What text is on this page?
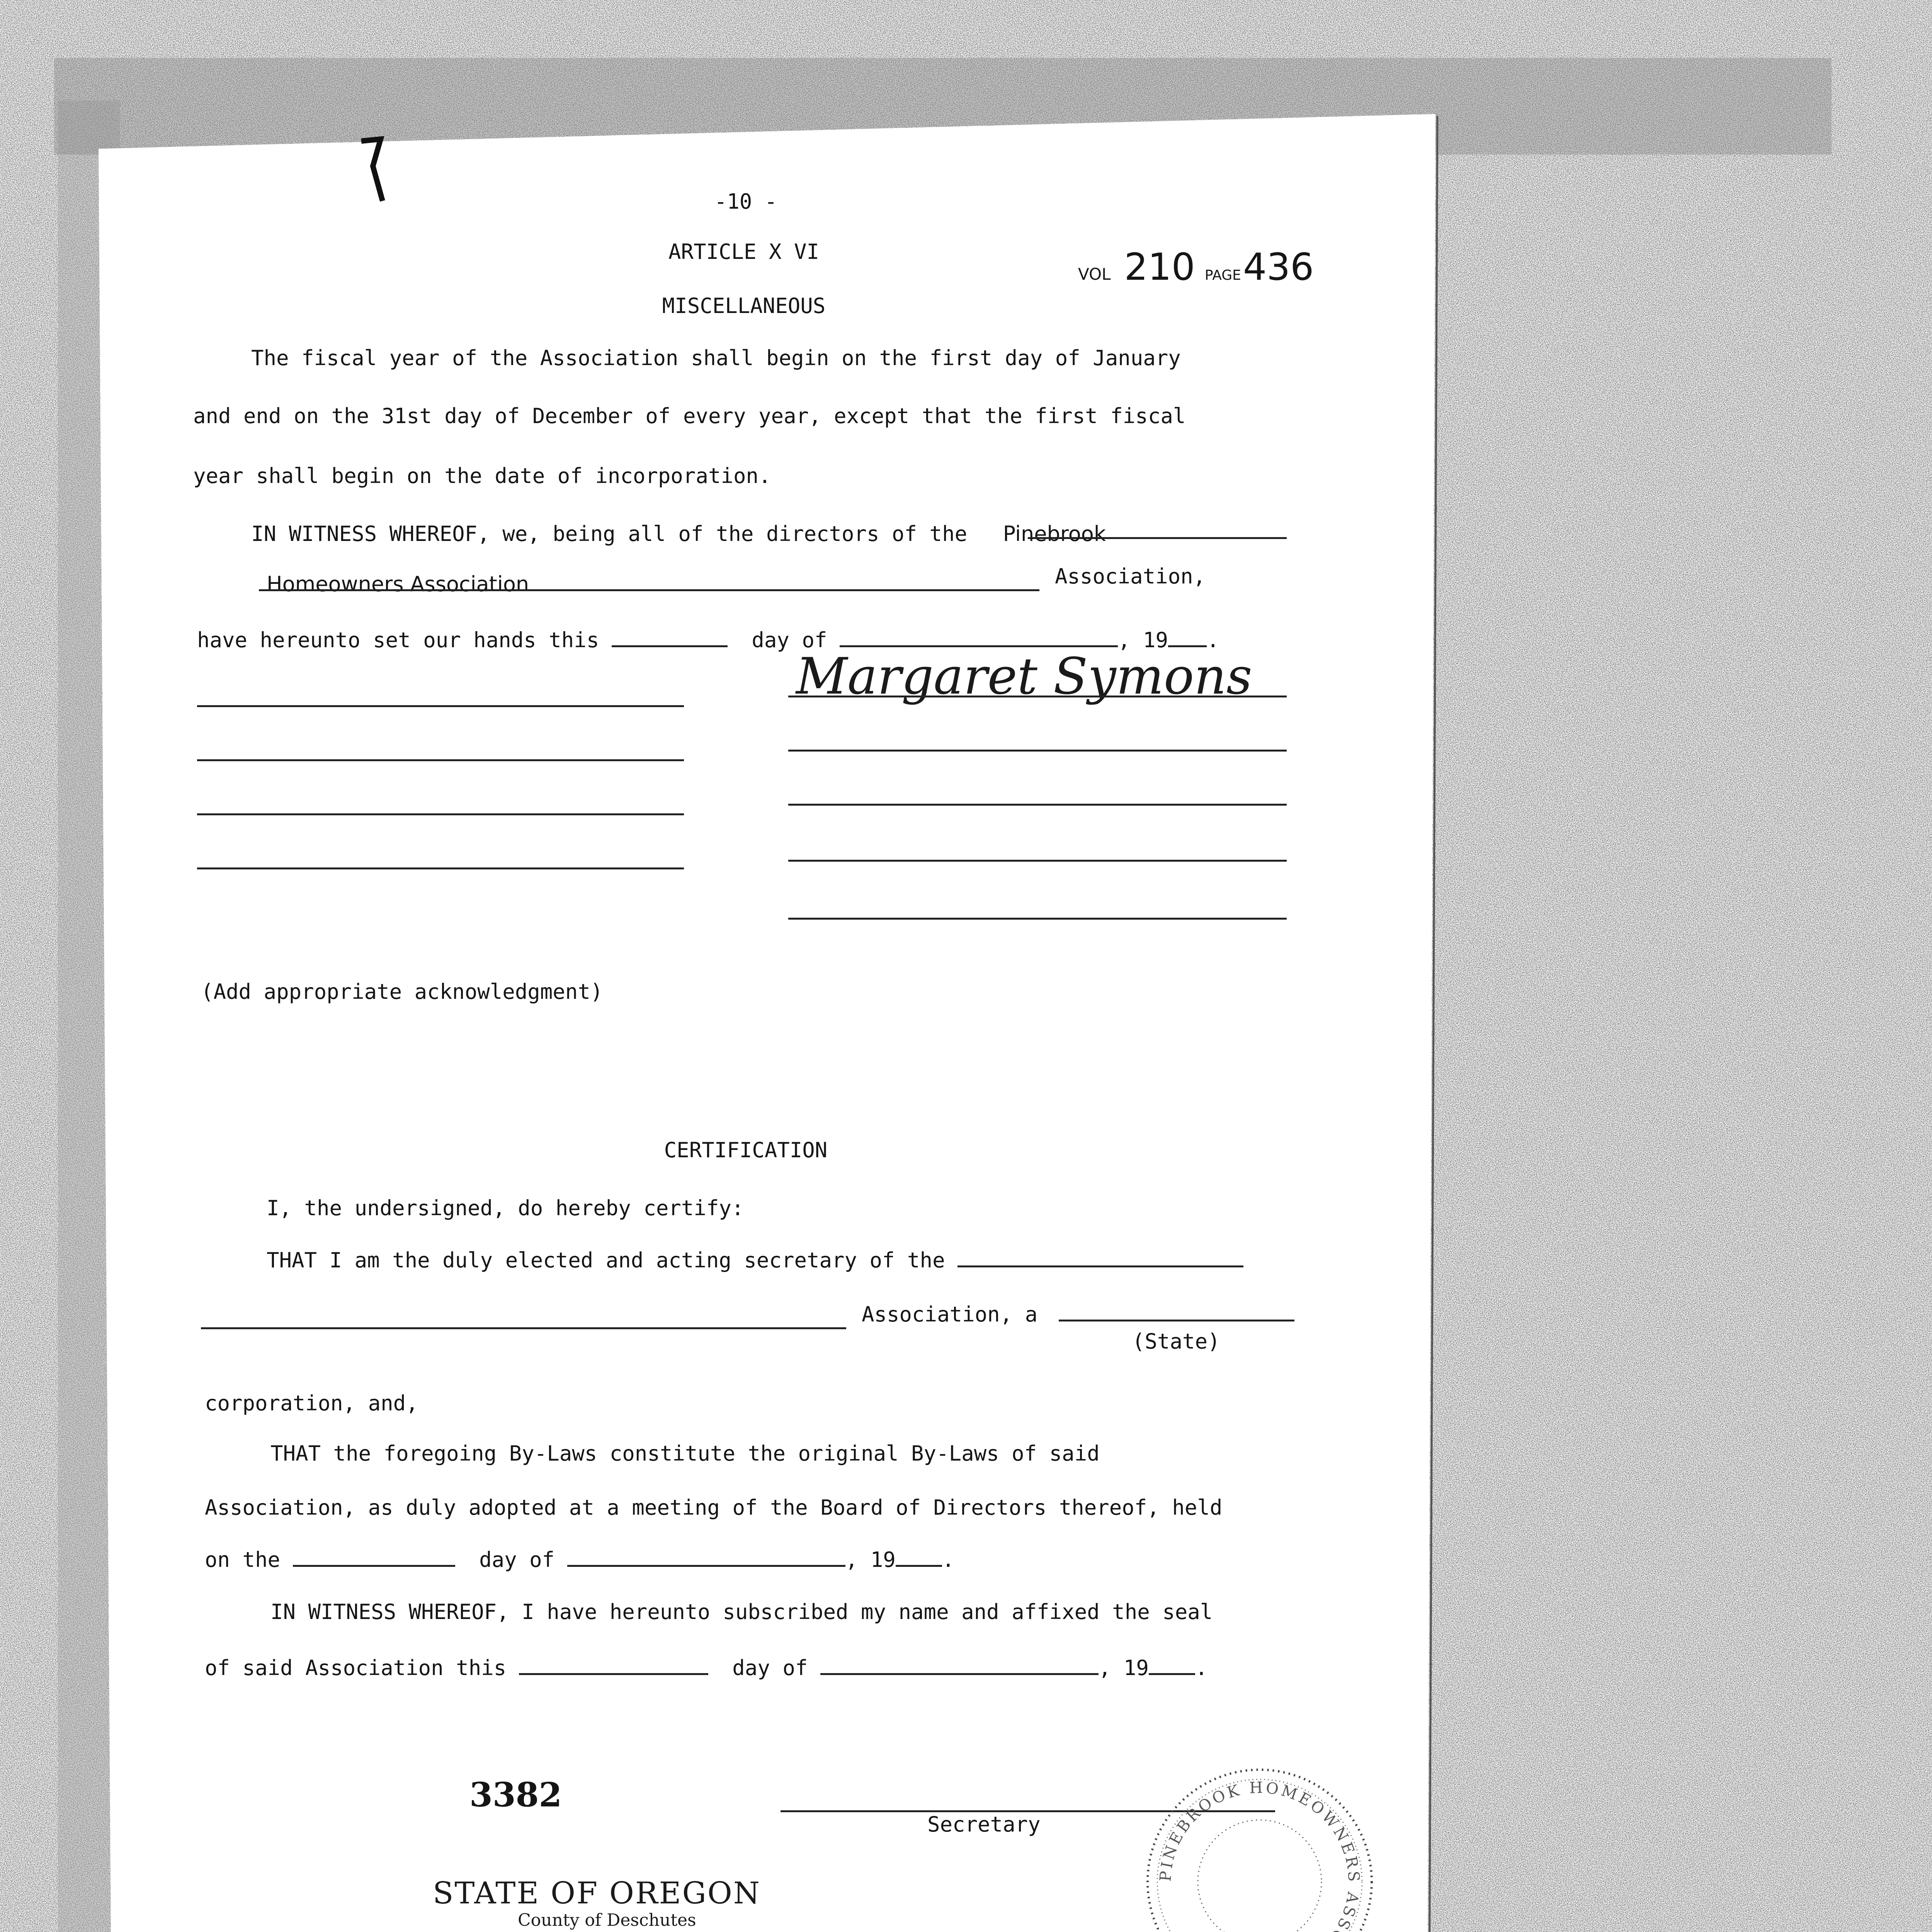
-10 -
ARTICLE X VI
MISCELLANEOUS
VOL 210 PAGE 436
The fiscal year of the Association shall begin on the first day of January
and end on the 31st day of December of every year, except that the first fiscal
year shall begin on the date of incorporation.
IN WITNESS WHEREOF, we, being all of the directors of the Pinebrook
Homeowners Association	Association,
have hereunto set our hands this	day of	, 19 .
Margaret Symons
(Add appropriate acknowledgment)
CERTIFICATION
I, the undersigned, do hereby certify:
THAT I am the duly elected and acting secretary of the
Association, a
(State)
corporation, and,
THAT the foregoing By-Laws constitute the original By-Laws of said
Association, as duly adopted at a meeting of the Board of Directors thereof, held
on the	day of	, 19 .
IN WITNESS WHEREOF, I have hereunto subscribed my name and affixed the seal
of said Association this	day of	, 19 .
Secretary
PINEBROOK HOMEOWNERS ASS
3382
STATE OF OREGON
County of Deschutes
